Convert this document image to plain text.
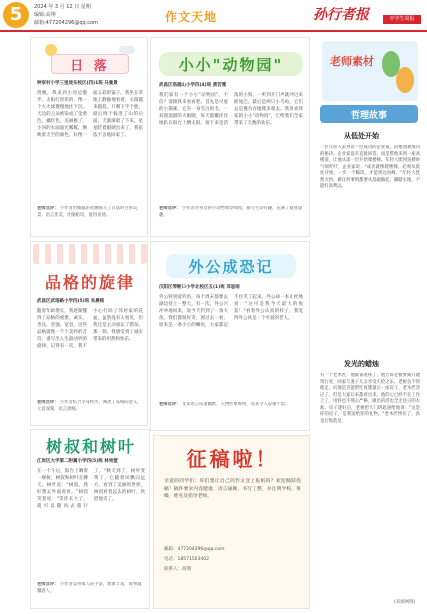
5	2024 年 3 月 12 日 星期
编辑:高翔
邮箱:477204296@qq.com	作文天地	孙行者报	中学生周报
日 落
钟家村小学三里坡东校区(四)1班 马曼景
傍晚，我来到小河边散步。太阳红彤彤的，像一个大火球慢慢地往下沉。天边的云朵被染成了金黄色、橘红色，美丽极了。小河的水面波光粼粼，倒映着天空的颜色，好像一面五彩的镜子。我坐在草地上静静地看着，太阳越来越低，只剩下半个脸，最后终于躲进了山的后面。天渐渐暗了下来，星星眨着眼睛出来了，我依依不舍地回家了。
老师点评： 小作者用细腻的笔触描写了日落时分的美景，语言优美，比喻贴切，值得表扬。
小小"动物园"
武昌区珞珈山小学四(4)班 黄若雅
我们家有一个小小"动物园"，不信？请跟我来看看吧。首先是可爱的小猫咪，它有一身雪白的毛，一双圆溜溜的大眼睛，每天都懒洋洋地趴在阳台上晒太阳。接下来是活泼的小狗，一听到开门声就冲过来摇尾巴。最后是两只小乌龟，它们总是慢吞吞地爬来爬去。我喜欢我家的小小"动物园"，它给我们全家带来了无数的欢乐。
老师点评： 小作者对身边的小动物观察细致，描写生动有趣，充满了童真童趣。
品格的旋律
武昌区武珞路小学四(5)班 朱晨铭
随着年龄增长，我逐渐懂得了品格的重要。诚实、善良、坚强、宽容，这些品格就像一个个美妙的音符，谱写出人生最动听的旋律。记得有一次，我不小心打碎了邻居家的花盆，虽然没有人看见，但我还是主动承认了错误。那一刻，我感受到了诚实带来的坦然和快乐。
老师点评： 小作者结合亲身经历，阐述了品格的意义，立意深刻，语言流畅。
外公成恐记
汉阳区琴断口小学北校区五(1)班 邓思雨
外公特别爱钓鱼，每个周末都要去湖边待上一整天。有一次，外公兴冲冲地回来，说今天钓到了一条大鱼。我们都很好奇，围过去一看，原来是一条小小的鲫鱼，大家都忍不住笑了起来。外公却一本正经地说："这可是我今天最大的收获！"看着外公认真的样子，我觉得外公真是一个可爱的老人。
老师点评： 文章语言诙谐幽默，人物形象鲜明，读来令人忍俊不禁。
树叔和树叶
江岸区大学第二附属小学四(5)班 林宛萱
在一个午后，阳台上晒着一棵树，树叔和树叶在聊天。树叶说："树叔，我好想去外面看看。"树叔笑着说："等你长大了，就可以随风去旅行了。"秋天到了，树叶变黄了，它随着风飘向远方，看到了美丽的世界。树叔看着远去的树叶，欣慰地笑了。
老师点评： 小作者运用拟人的手法，想象丰富，故事温馨感人。
征稿啦！
亲爱的同学们：你们想让自己的作文登上报纸吗？欢迎踊跃投稿！稿件要求内容健康、语言通顺、书写工整，并注明学校、班级、姓名及指导老师。
邮箱：477204296@qq.com
电话：18571503402
联系人：高翔
老师素材
哲理故事
从低处开始
一位年轻人去拜访一位成功的企业家，向他请教成功的秘诀。企业家没有直接回答，而是带他来到一座高楼前，让他从第一层开始爬楼梯。年轻人爬到顶楼时气喘吁吁，企业家说："成功就像爬楼梯，必须从低处开始，一步一个脚印，才能到达顶峰。"年轻人恍然大悟。做任何事情都要从基础做起，脚踏实地，不能好高骛远。
发光的蜡烛
有一个老木匠，他准备退休了，他告诉老板要离开建筑行业，回家与妻子儿女享受天伦之乐。老板舍不得他走，问他是否能帮忙再建最后一座房子，老木匠答应了。但是大家后来都看出来，他的心已经不在工作上了，用料也不那么严格，做出的活也全无往日的水准。房子建好后，老板把大门钥匙递给他说："这是你的房子，是我送给你的礼物。"老木匠愣住了，真是后悔莫及。
(来源网络)
